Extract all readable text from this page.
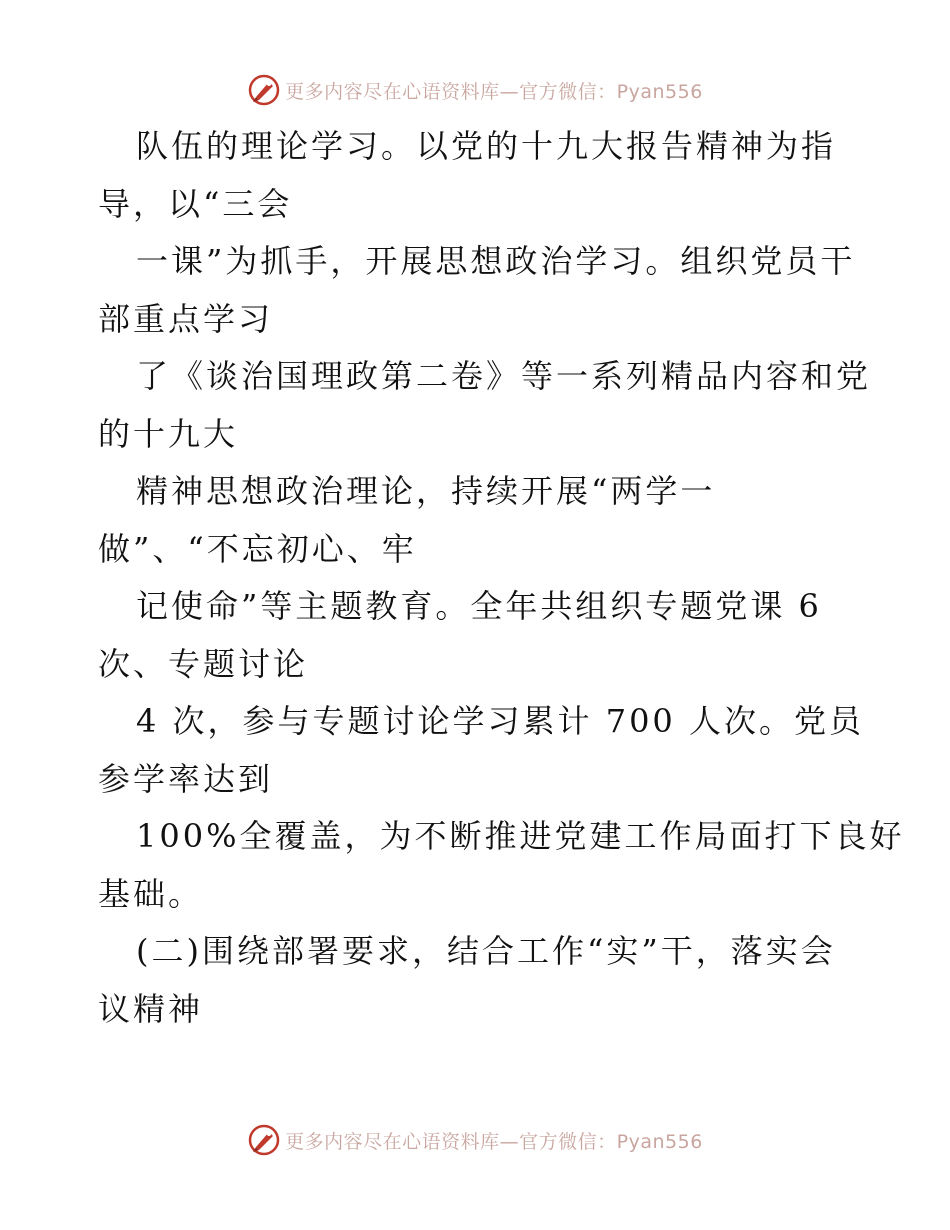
更多内容尽在心语资料库—官方微信：Pyan556
队伍的理论学习。以党的十九大报告精神为指
导，以“三会
一课”为抓手，开展思想政治学习。组织党员干
部重点学习
了《谈治国理政第二卷》等一系列精品内容和党
的十九大
精神思想政治理论，持续开展“两学一
做”、“不忘初心、牢
记使命”等主题教育。全年共组织专题党课 6
次、专题讨论
4 次，参与专题讨论学习累计 700 人次。党员
参学率达到
100%全覆盖，为不断推进党建工作局面打下良好
基础。
(二)围绕部署要求，结合工作“实”干，落实会
议精神
更多内容尽在心语资料库—官方微信：Pyan556
